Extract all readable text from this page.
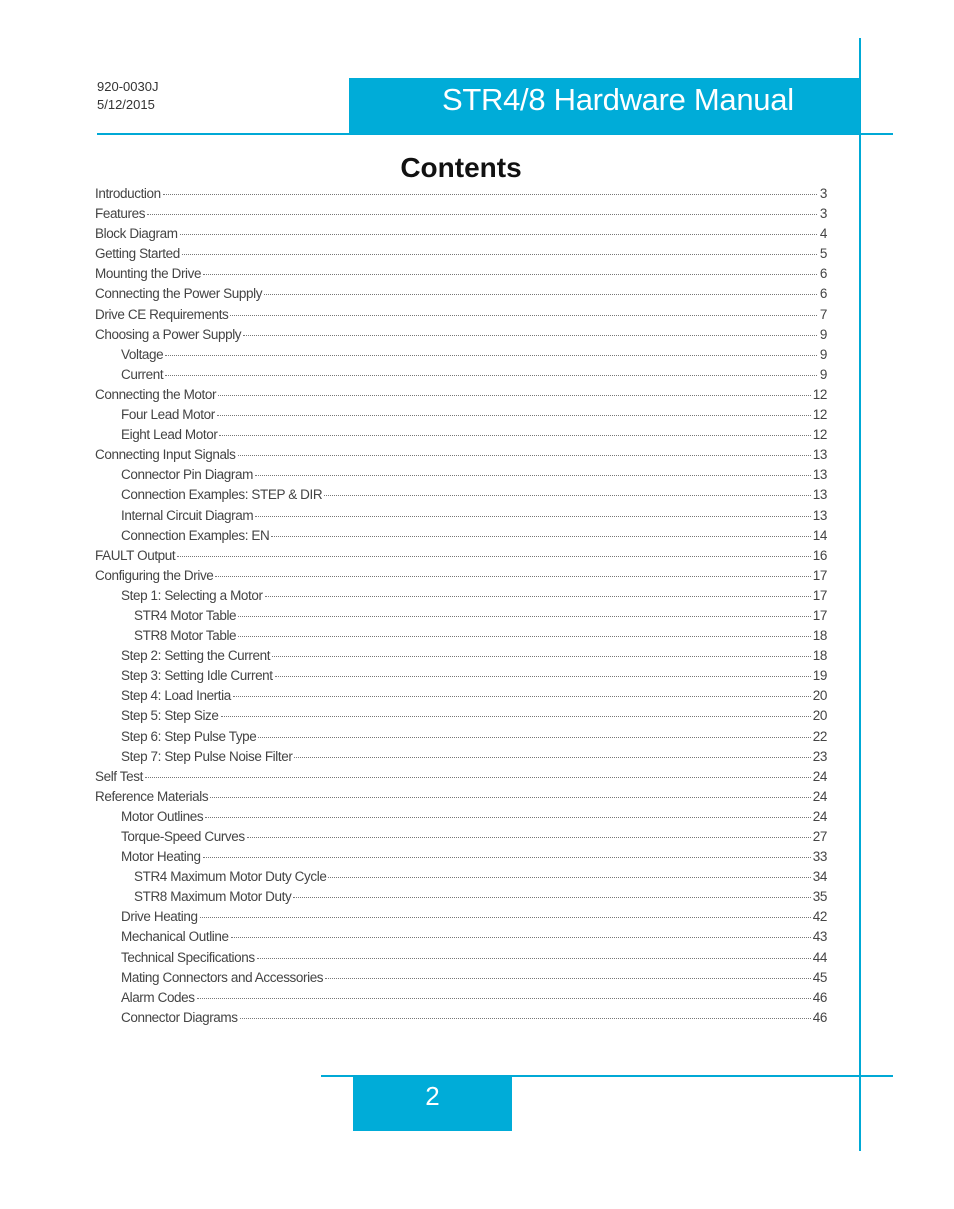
920-0030J
5/12/2015	STR4/8 Hardware Manual
Contents
Introduction	3
Features	3
Block Diagram	4
Getting Started	5
Mounting the Drive	6
Connecting the Power Supply	6
Drive CE Requirements	7
Choosing a Power Supply	9
Voltage	9
Current	9
Connecting the Motor	12
Four Lead Motor	12
Eight Lead Motor	12
Connecting Input Signals	13
Connector Pin Diagram	13
Connection Examples: STEP & DIR	13
Internal Circuit Diagram	13
Connection Examples: EN	14
FAULT Output	16
Configuring the Drive	17
Step 1: Selecting a Motor	17
STR4 Motor Table	17
STR8 Motor Table	18
Step 2: Setting the Current	18
Step 3: Setting Idle Current	19
Step 4: Load Inertia	20
Step 5: Step Size	20
Step 6: Step Pulse Type	22
Step 7: Step Pulse Noise Filter	23
Self Test	24
Reference Materials	24
Motor Outlines	24
Torque-Speed Curves	27
Motor Heating	33
STR4 Maximum Motor Duty Cycle	34
STR8 Maximum Motor Duty	35
Drive Heating	42
Mechanical Outline	43
Technical Specifications	44
Mating Connectors and Accessories	45
Alarm Codes	46
Connector Diagrams	46
2
